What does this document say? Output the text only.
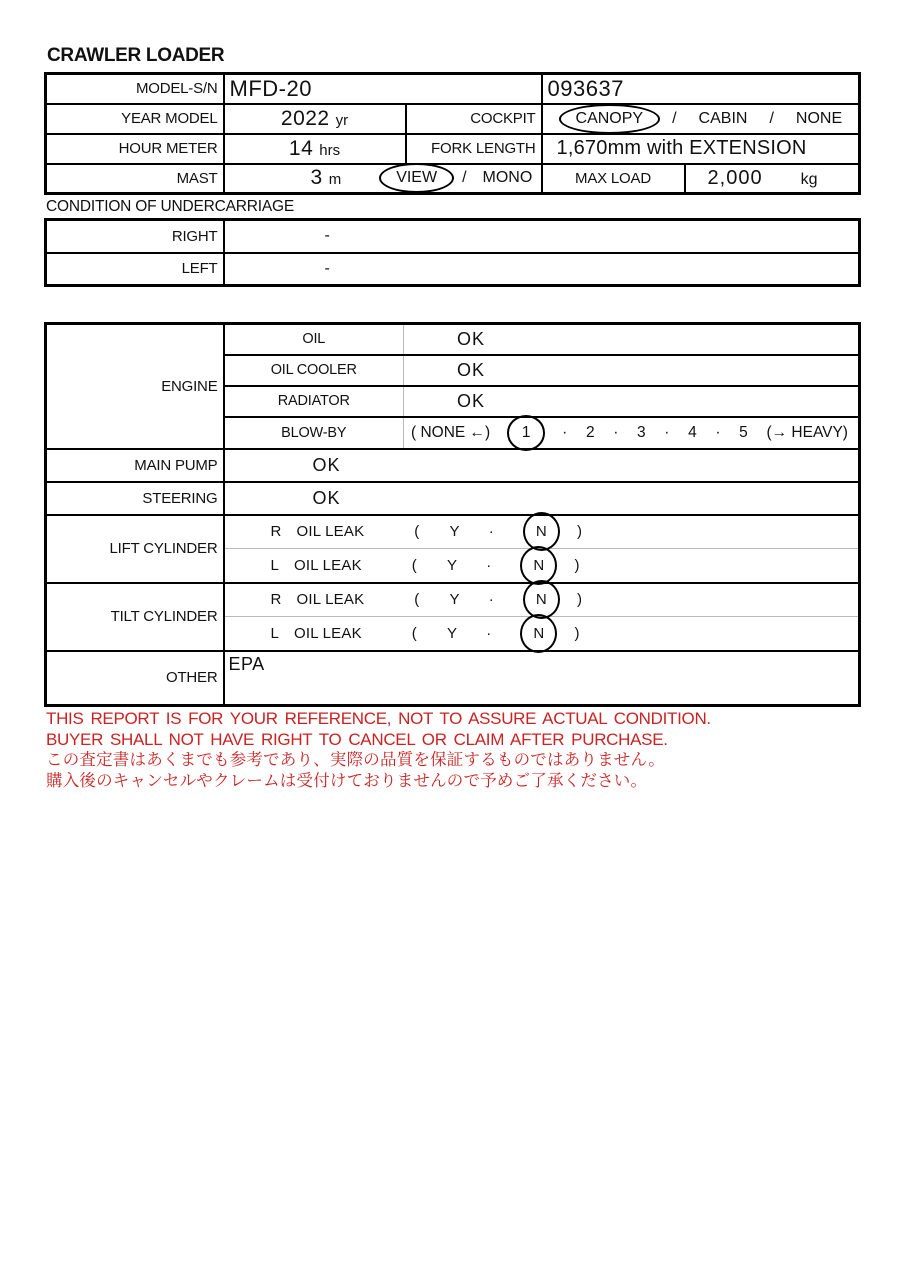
CRAWLER LOADER
MODEL-S/N	MFD-20		093637	
YEAR MODEL	2022 yr	COCKPIT	CANOPY / CABIN / NONE	

HOUR METER	14 hrs	FORK LENGTH	1,670mm with EXTENSION	
MAST	3 m VIEW / MONO		MAX LOAD	2,000 kg
CONDITION OF UNDERCARRIAGE
RIGHT	-
LEFT	-
ENGINE	OIL	OK
	OIL COOLER	OK
	RADIATOR	OK
BLOW-BY	( NONE ←) 1 · 2 · 3 · 4 · 5 (→ HEAVY)

MAIN PUMP	OK	
STEERING	OK	
LIFT CYLINDER	
R OIL LEAK	( Y ·	N )

L OIL LEAK	( Y ·	N )

TILT CYLINDER	
R OIL LEAK	( Y ·	N )

L OIL LEAK	( Y ·	N )

OTHER	EPA	
THIS REPORT IS FOR YOUR REFERENCE, NOT TO ASSURE ACTUAL CONDITION.
BUYER SHALL NOT HAVE RIGHT TO CANCEL OR CLAIM AFTER PURCHASE.
この査定書はあくまでも参考であり、実際の品質を保証するものではありません。
購入後のキャンセルやクレームは受付けておりませんので予めご了承ください。
